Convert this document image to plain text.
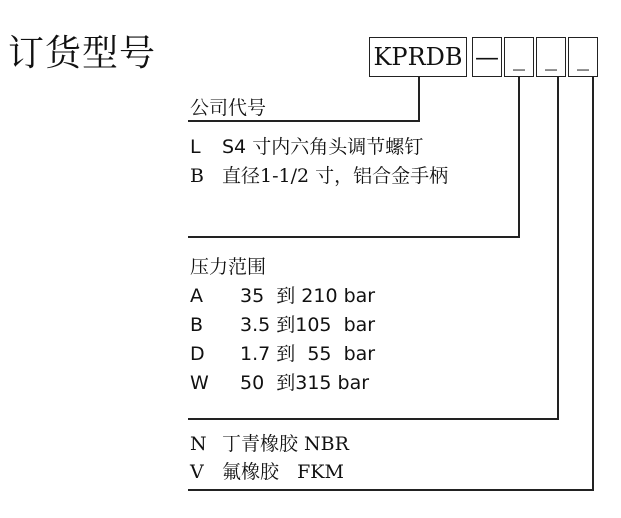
订货型号	KPRDB — _ _ _
公司代号
L S4 寸内六角头调节螺钉
B 直径1-1/2 寸，铝合金手柄
压力范围
A 35  到 210 bar
B 3.5 到105  bar
D 1.7 到  55  bar
W 50  到315 bar
N 丁青橡胶 NBR
V 氟橡胶   FKM
